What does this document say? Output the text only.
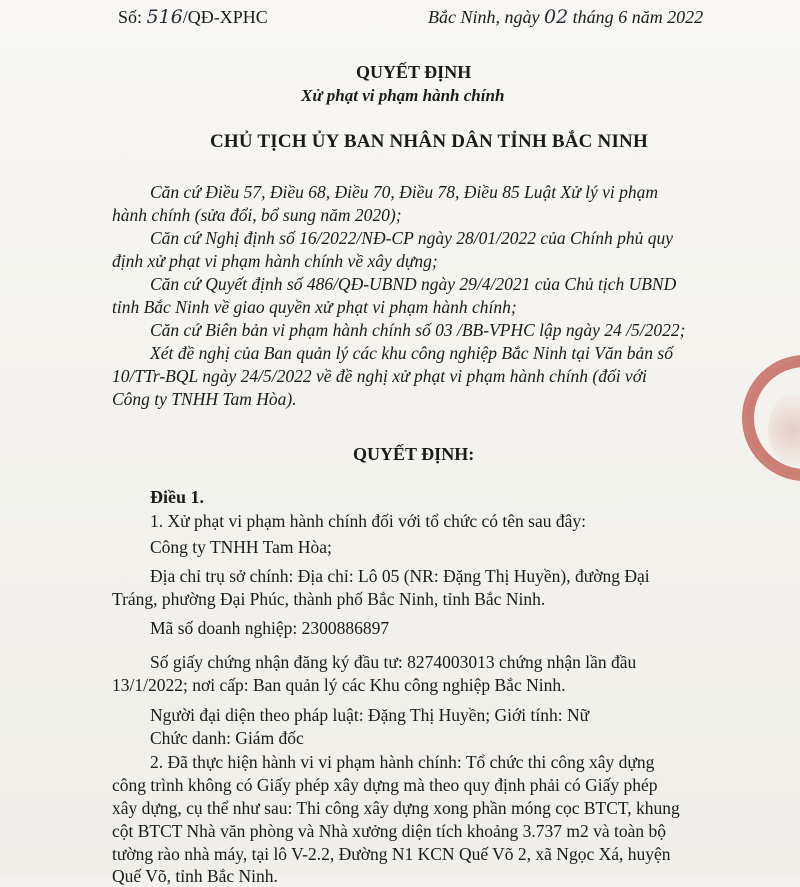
Số: 516/QĐ-XPHC	Bắc Ninh, ngày 02 tháng 6 năm 2022
QUYẾT ĐỊNH
Xử phạt vi phạm hành chính
CHỦ TỊCH ỦY BAN NHÂN DÂN TỈNH BẮC NINH
Căn cứ Điều 57, Điều 68, Điều 70, Điều 78, Điều 85 Luật Xử lý vi phạm
hành chính (sửa đổi, bổ sung năm 2020);
Căn cứ Nghị định số 16/2022/NĐ-CP ngày 28/01/2022 của Chính phủ quy
định xử phạt vi phạm hành chính về xây dựng;
Căn cứ Quyết định số 486/QĐ-UBND ngày 29/4/2021 của Chủ tịch UBND
tỉnh Bắc Ninh về giao quyền xử phạt vi phạm hành chính;
Căn cứ Biên bản vi phạm hành chính số 03 /BB-VPHC lập ngày 24 /5/2022;
Xét đề nghị của Ban quản lý các khu công nghiệp Bắc Ninh tại Văn bản số
10/TTr-BQL ngày 24/5/2022 về đề nghị xử phạt vi phạm hành chính (đối với
Công ty TNHH Tam Hòa).
QUYẾT ĐỊNH:
Điều 1.
1. Xử phạt vi phạm hành chính đối với tổ chức có tên sau đây:
Công ty TNHH Tam Hòa;
Địa chỉ trụ sở chính: Địa chỉ: Lô 05 (NR: Đặng Thị Huyền), đường Đại
Tráng, phường Đại Phúc, thành phố Bắc Ninh, tỉnh Bắc Ninh.
Mã số doanh nghiệp: 2300886897
Số giấy chứng nhận đăng ký đầu tư: 8274003013 chứng nhận lần đầu
13/1/2022; nơi cấp: Ban quản lý các Khu công nghiệp Bắc Ninh.
Người đại diện theo pháp luật: Đặng Thị Huyền; Giới tính: Nữ
Chức danh: Giám đốc
2. Đã thực hiện hành vi vi phạm hành chính: Tổ chức thi công xây dựng
công trình không có Giấy phép xây dựng mà theo quy định phải có Giấy phép
xây dựng, cụ thể như sau: Thi công xây dựng xong phần móng cọc BTCT, khung
cột BTCT Nhà văn phòng và Nhà xưởng diện tích khoảng 3.737 m2 và toàn bộ
tường rào nhà máy, tại lô V-2.2, Đường N1 KCN Quế Võ 2, xã Ngọc Xá, huyện
Quế Võ, tỉnh Bắc Ninh.
